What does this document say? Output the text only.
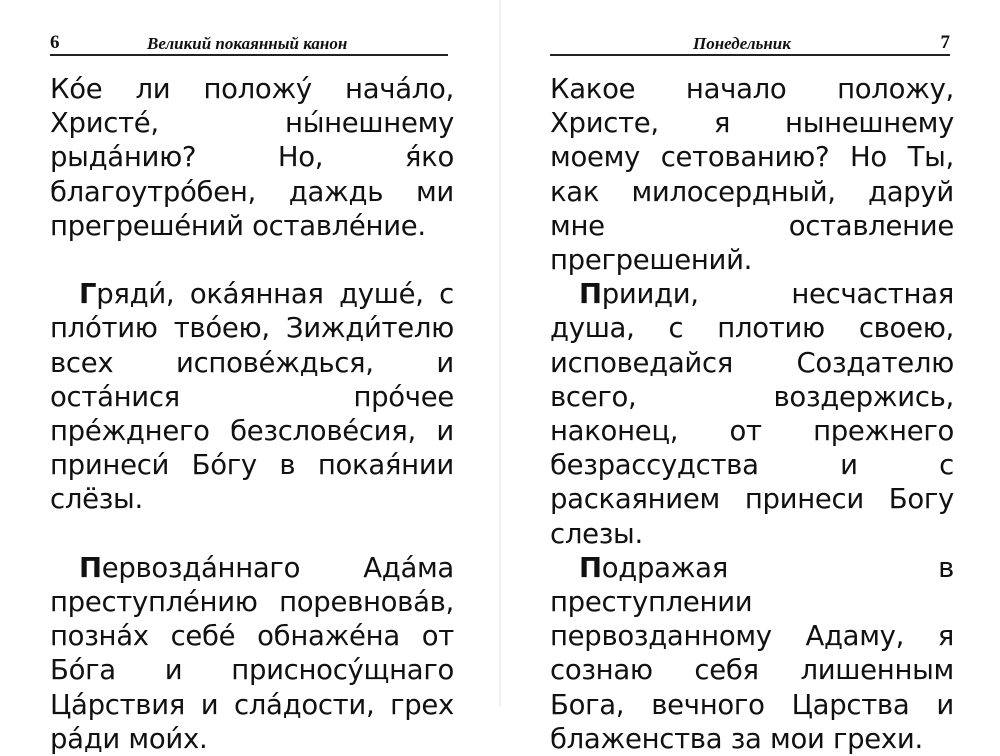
6	Великий покаянный канон

Ко́е ли положу́ нача́ло, Христе́, ны́нешнему рыда́нию? Но, я́ко благоутро́бен, даждь ми прегреше́ний оставле́ние.

Гряди́, ока́янная душе́, с пло́тию тво́ею, Зижди́телю всех испове́ждься, и оста́нися про́чее пре́жднего безслове́сия, и принеси́ Бо́гу в покая́нии слёзы.

Первозда́ннаго Ада́ма преступле́нию поревнова́в, позна́х себе́ обнаже́на от Бо́га и присносу́щнаго Ца́рствия и сла́дости, грех ра́ди мои́х.

Понедельник	7

Какое начало положу, Христе, я нынешнему моему сетованию? Но Ты, как милосердный, даруй мне оставление прегрешений.

Прииди, несчастная душа, с плотию своею, исповедайся Создателю всего, воздержись, наконец, от прежнего безрассудства и с раскаянием принеси Богу слезы.

Подражая в преступлении первозданному Адаму, я сознаю себя лишенным Бога, вечного Царства и блаженства за мои грехи.
